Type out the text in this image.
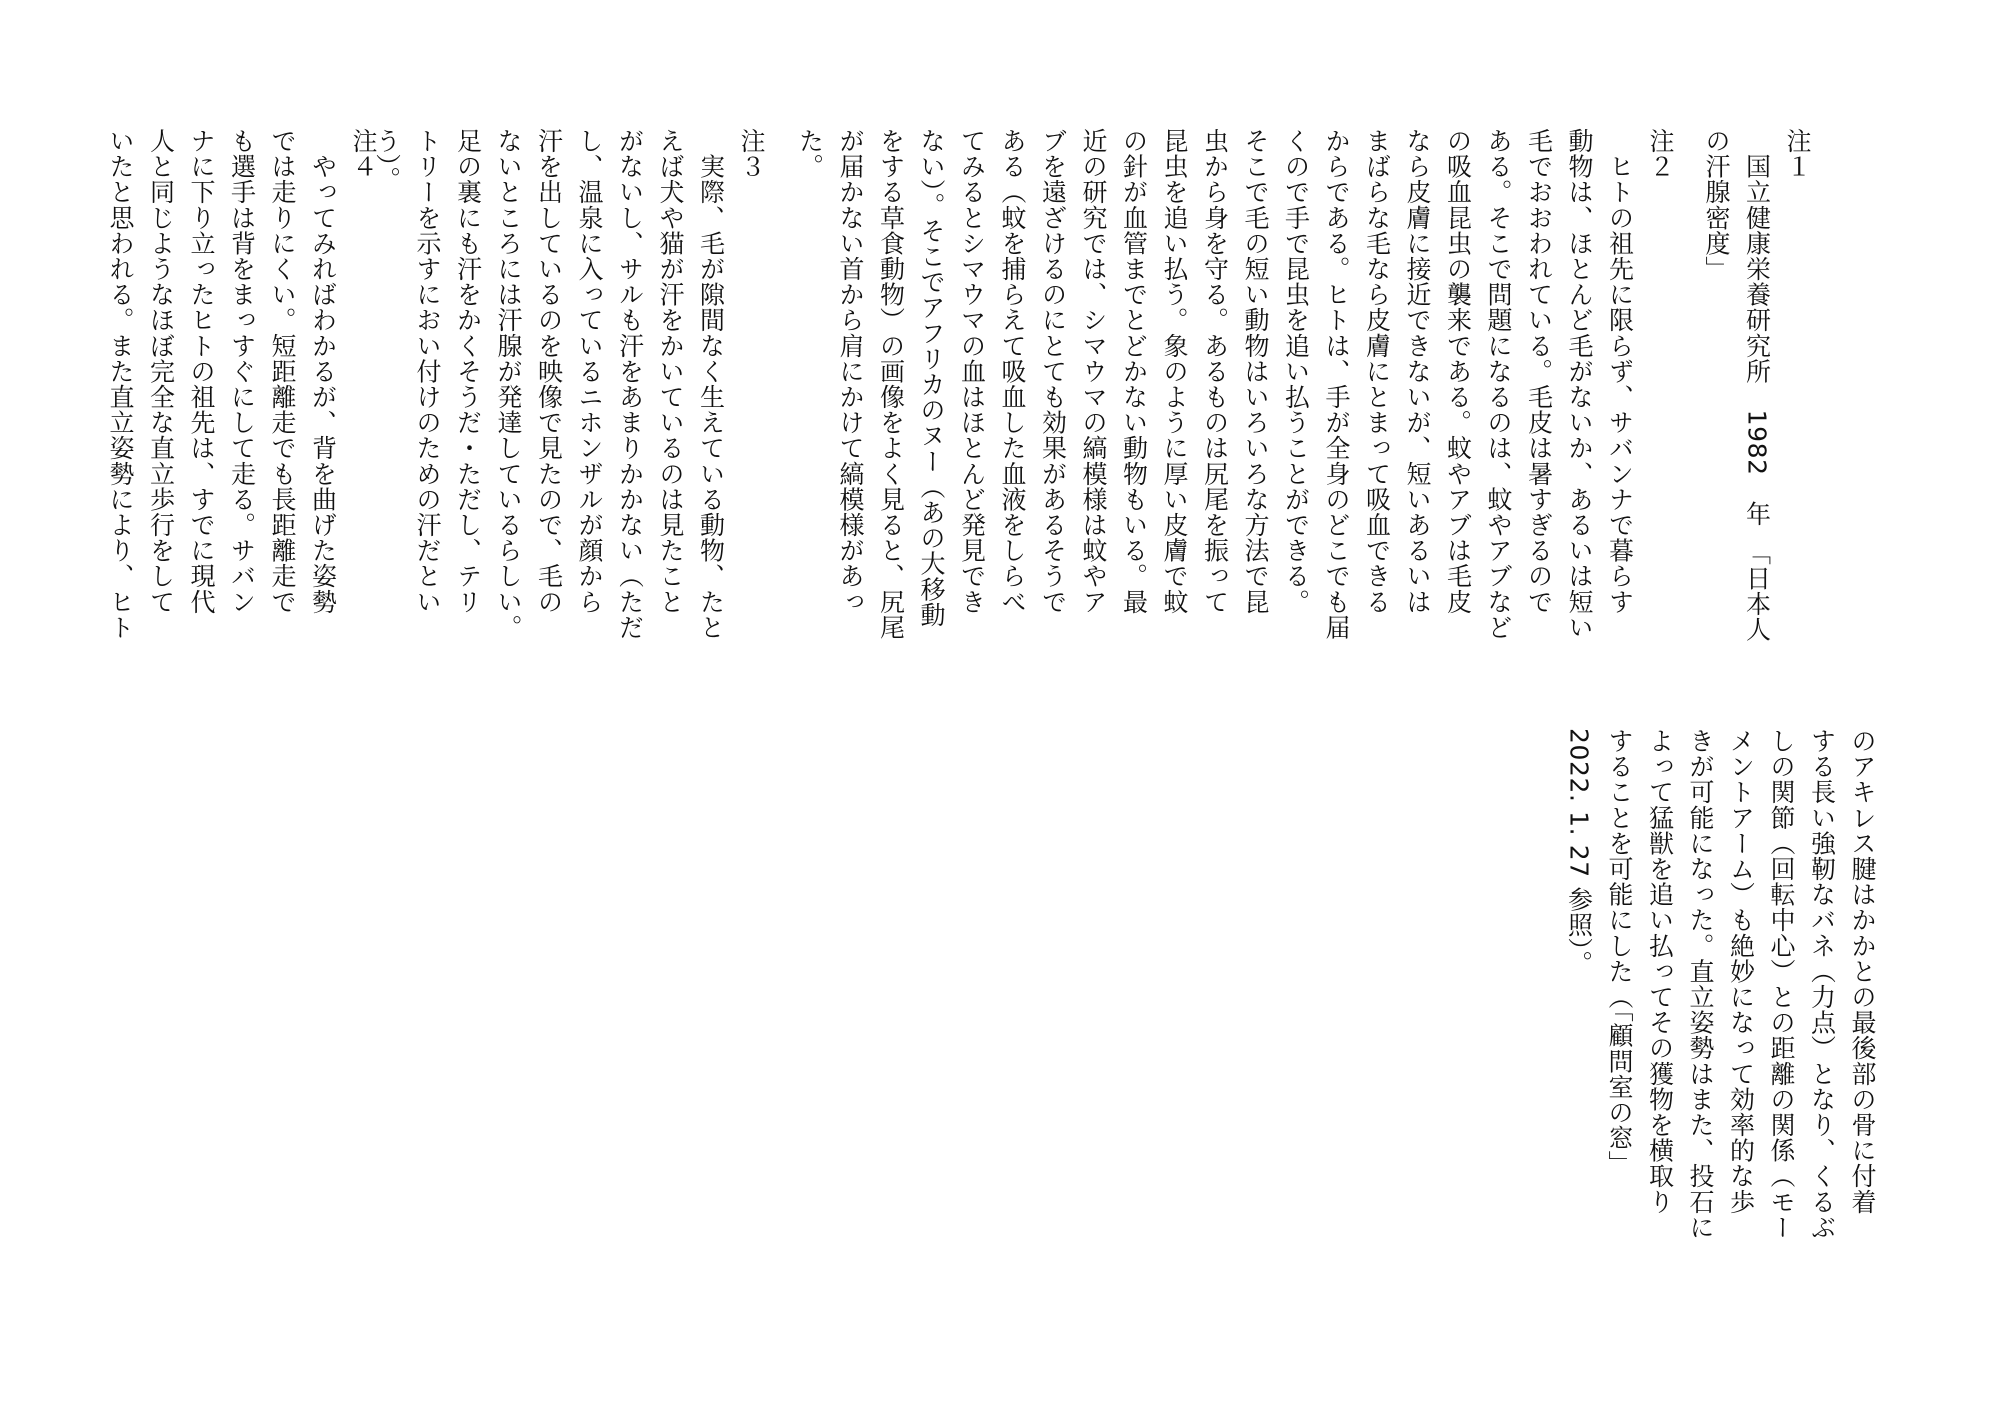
のアキレス腱はかかとの最後部の骨に付着
する長い強靭なバネ（力点）となり、くるぶ
しの関節（回転中心）との距離の関係（モー
メントアーム）も絶妙になって効率的な歩
きが可能になった。直立姿勢はまた、投石に
よって猛獣を追い払ってその獲物を横取り
することを可能にした（「顧問室の窓」
2022. 1. 27 参照）。
注１
　国立健康栄養研究所　1982　年　「日本人
の汗腺密度」
注２
　ヒトの祖先に限らず、サバンナで暮らす
動物は、ほとんど毛がないか、あるいは短い
毛でおおわれている。毛皮は暑すぎるので
ある。そこで問題になるのは、蚊やアブなど
の吸血昆虫の襲来である。蚊やアブは毛皮
なら皮膚に接近できないが、短いあるいは
まばらな毛なら皮膚にとまって吸血できる
からである。ヒトは、手が全身のどこでも届
くので手で昆虫を追い払うことができる。
そこで毛の短い動物はいろいろな方法で昆
虫から身を守る。あるものは尻尾を振って
昆虫を追い払う。象のように厚い皮膚で蚊
の針が血管までとどかない動物もいる。最
近の研究では、シマウマの縞模様は蚊やア
ブを遠ざけるのにとても効果があるそうで
ある（蚊を捕らえて吸血した血液をしらべ
てみるとシマウマの血はほとんど発見でき
ない）。そこでアフリカのヌー（あの大移動
をする草食動物）の画像をよく見ると、尻尾
が届かない首から肩にかけて縞模様があっ
た。
注３
　実際、毛が隙間なく生えている動物、たと
えば犬や猫が汗をかいているのは見たこと
がないし、サルも汗をあまりかかない（ただ
し、温泉に入っているニホンザルが顔から
汗を出しているのを映像で見たので、毛の
ないところには汗腺が発達しているらしい。
足の裏にも汗をかくそうだ・ただし、テリ
トリーを示すにおい付けのための汗だとい
う）。
注４
　やってみればわかるが、背を曲げた姿勢
では走りにくい。短距離走でも長距離走で
も選手は背をまっすぐにして走る。サバン
ナに下り立ったヒトの祖先は、すでに現代
人と同じようなほぼ完全な直立歩行をして
いたと思われる。また直立姿勢により、ヒト
